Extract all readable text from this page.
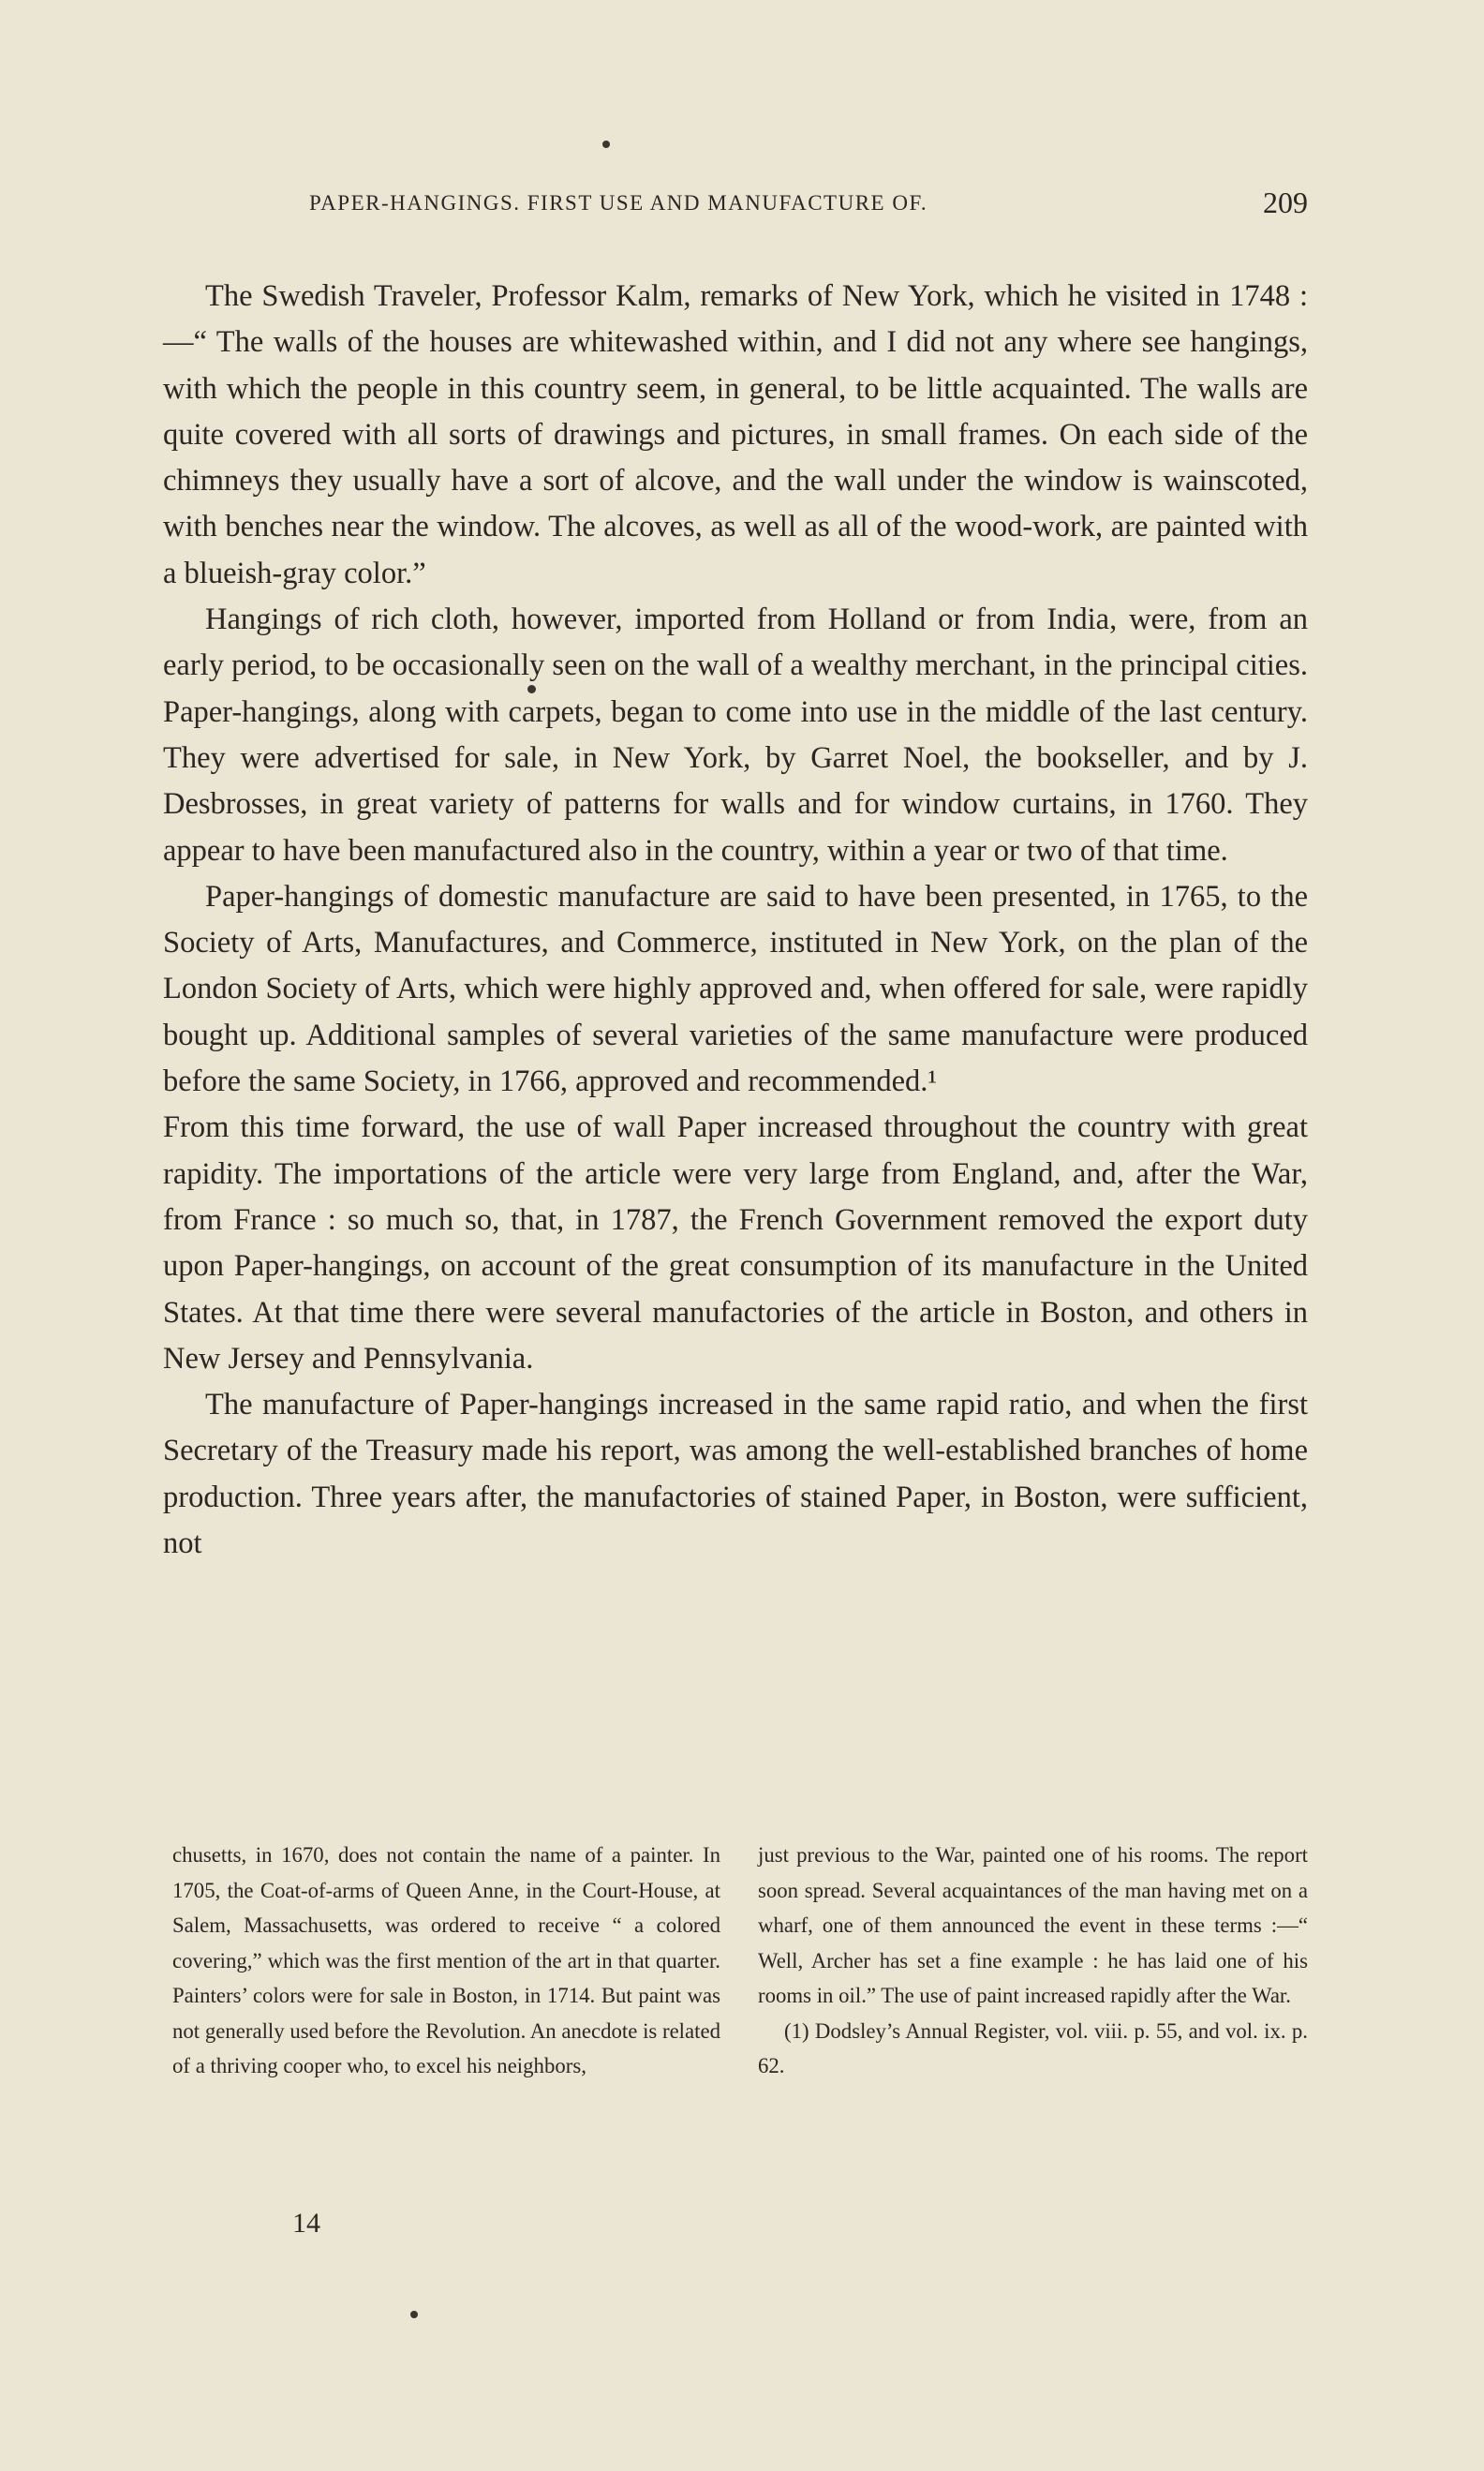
PAPER-HANGINGS. FIRST USE AND MANUFACTURE OF.	209

The Swedish Traveler, Professor Kalm, remarks of New York, which he visited in 1748 :—“ The walls of the houses are whitewashed within, and I did not any where see hangings, with which the people in this country seem, in general, to be little acquainted. The walls are quite covered with all sorts of drawings and pictures, in small frames. On each side of the chimneys they usually have a sort of alcove, and the wall under the window is wainscoted, with benches near the window. The alcoves, as well as all of the wood-work, are painted with a blueish-gray color.”

Hangings of rich cloth, however, imported from Holland or from India, were, from an early period, to be occasionally seen on the wall of a wealthy merchant, in the principal cities. Paper-hangings, along with carpets, began to come into use in the middle of the last century. They were advertised for sale, in New York, by Garret Noel, the bookseller, and by J. Desbrosses, in great variety of patterns for walls and for window curtains, in 1760. They appear to have been manufactured also in the country, within a year or two of that time.

Paper-hangings of domestic manufacture are said to have been presented, in 1765, to the Society of Arts, Manufactures, and Commerce, instituted in New York, on the plan of the London Society of Arts, which were highly approved and, when offered for sale, were rapidly bought up. Additional samples of several varieties of the same manufacture were produced before the same Society, in 1766, approved and recommended.¹

From this time forward, the use of wall Paper increased throughout the country with great rapidity. The importations of the article were very large from England, and, after the War, from France : so much so, that, in 1787, the French Government removed the export duty upon Paper-hangings, on account of the great consumption of its manufacture in the United States. At that time there were several manufactories of the article in Boston, and others in New Jersey and Pennsylvania.

The manufacture of Paper-hangings increased in the same rapid ratio, and when the first Secretary of the Treasury made his report, was among the well-established branches of home production. Three years after, the manufactories of stained Paper, in Boston, were sufficient, not

chusetts, in 1670, does not contain the name of a painter. In 1705, the Coat-of-arms of Queen Anne, in the Court-House, at Salem, Massachusetts, was ordered to receive “ a colored covering,” which was the first mention of the art in that quarter. Painters’ colors were for sale in Boston, in 1714. But paint was not generally used before the Revolution. An anecdote is related of a thriving cooper who, to excel his neighbors,

just previous to the War, painted one of his rooms. The report soon spread. Several acquaintances of the man having met on a wharf, one of them announced the event in these terms :—“ Well, Archer has set a fine example : he has laid one of his rooms in oil.” The use of paint increased rapidly after the War.

(1) Dodsley’s Annual Register, vol. viii. p. 55, and vol. ix. p. 62.

14
